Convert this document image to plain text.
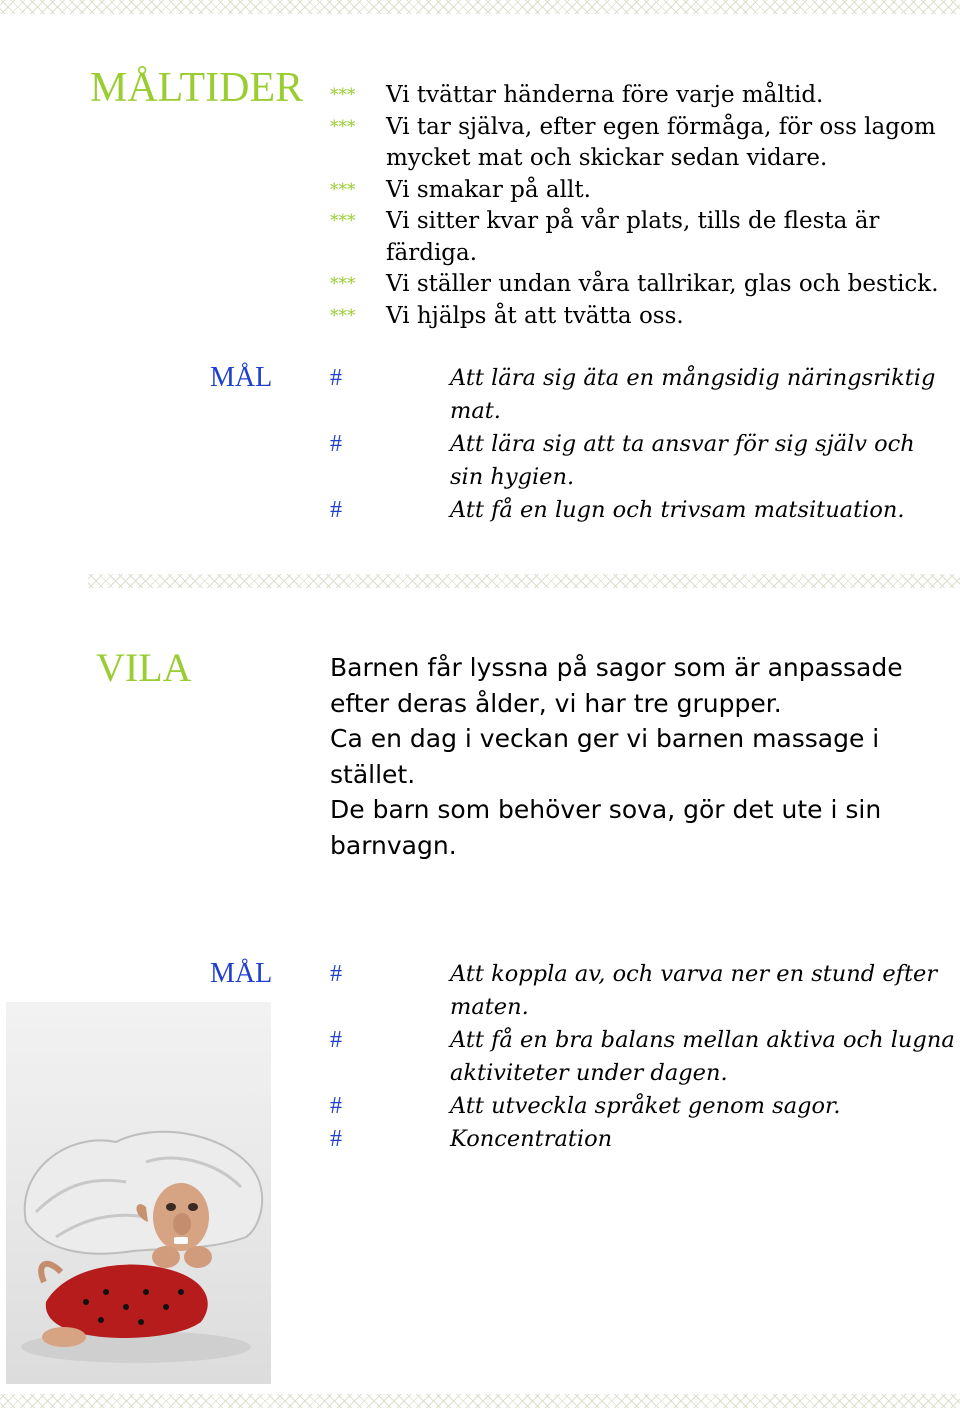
MÅLTIDER *** Vi tvättar händerna före varje måltid.
*** Vi tar själva, efter egen förmåga, för oss lagom mycket mat och skickar sedan vidare.
*** Vi smakar på allt.
*** Vi sitter kvar på vår plats, tills de flesta är färdiga.
*** Vi ställer undan våra tallrikar, glas och bestick.
*** Vi hjälps åt att tvätta oss.
MÅL #	Att lära sig äta en mångsidig näringsriktig mat.
#	Att lära sig att ta ansvar för sig själv och sin hygien.
#	Att få en lugn och trivsam matsituation.
VILA	Barnen får lyssna på sagor som är anpassade efter deras ålder, vi har tre grupper.

Ca en dag i veckan ger vi barnen massage i stället.

De barn som behöver sova, gör det ute i sin barnvagn.

MÅL #	Att koppla av, och varva ner en stund efter maten.
#	Att få en bra balans mellan aktiva och lugna aktiviteter under dagen.
#	Att utveckla språket genom sagor.
#	Koncentration
